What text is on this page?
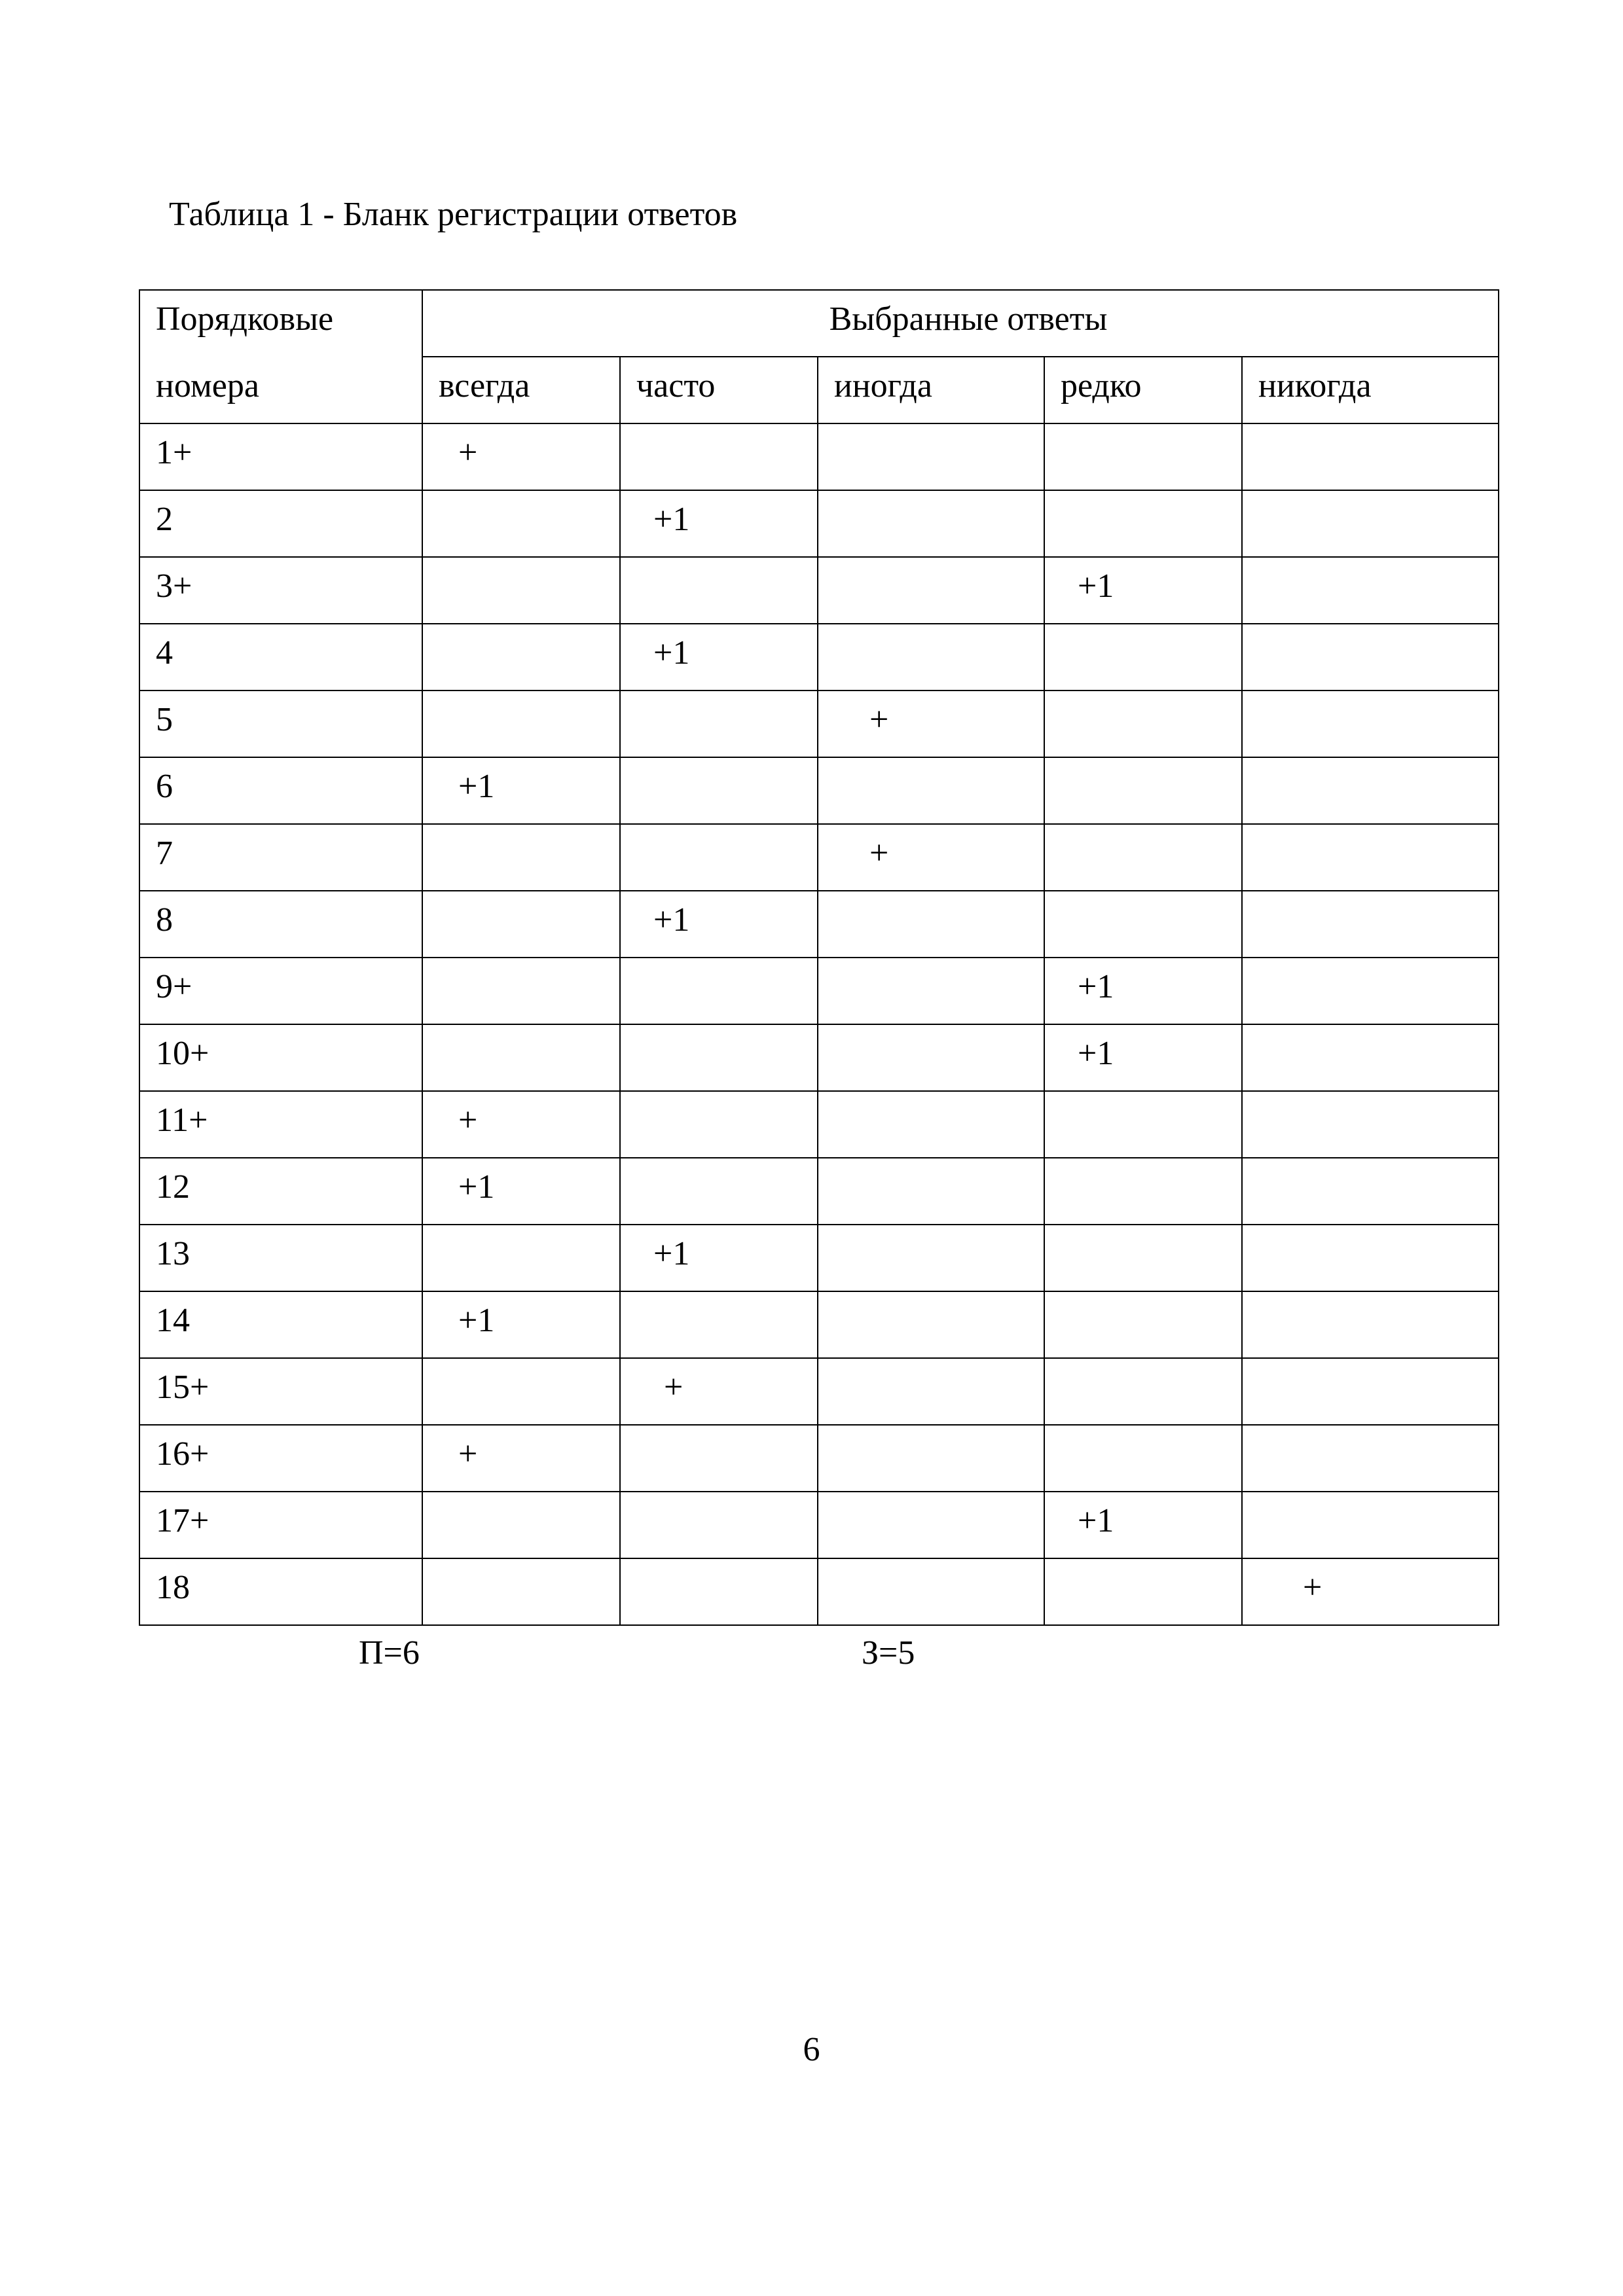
Таблица 1 - Бланк регистрации ответов
Порядковые
номера	Выбранные ответы				

	всегда	часто	иногда	редко	никогда

1+	+				

2		+1			

3+				+1	

4		+1			

5			+		

6	+1				

7			+		

8		+1			

9+				+1	

10+				+1	

11+	+				

12	+1				

13		+1			

14	+1				

15+		+			

16+	+				

17+				+1	

18					+
П=6	З=5
6
